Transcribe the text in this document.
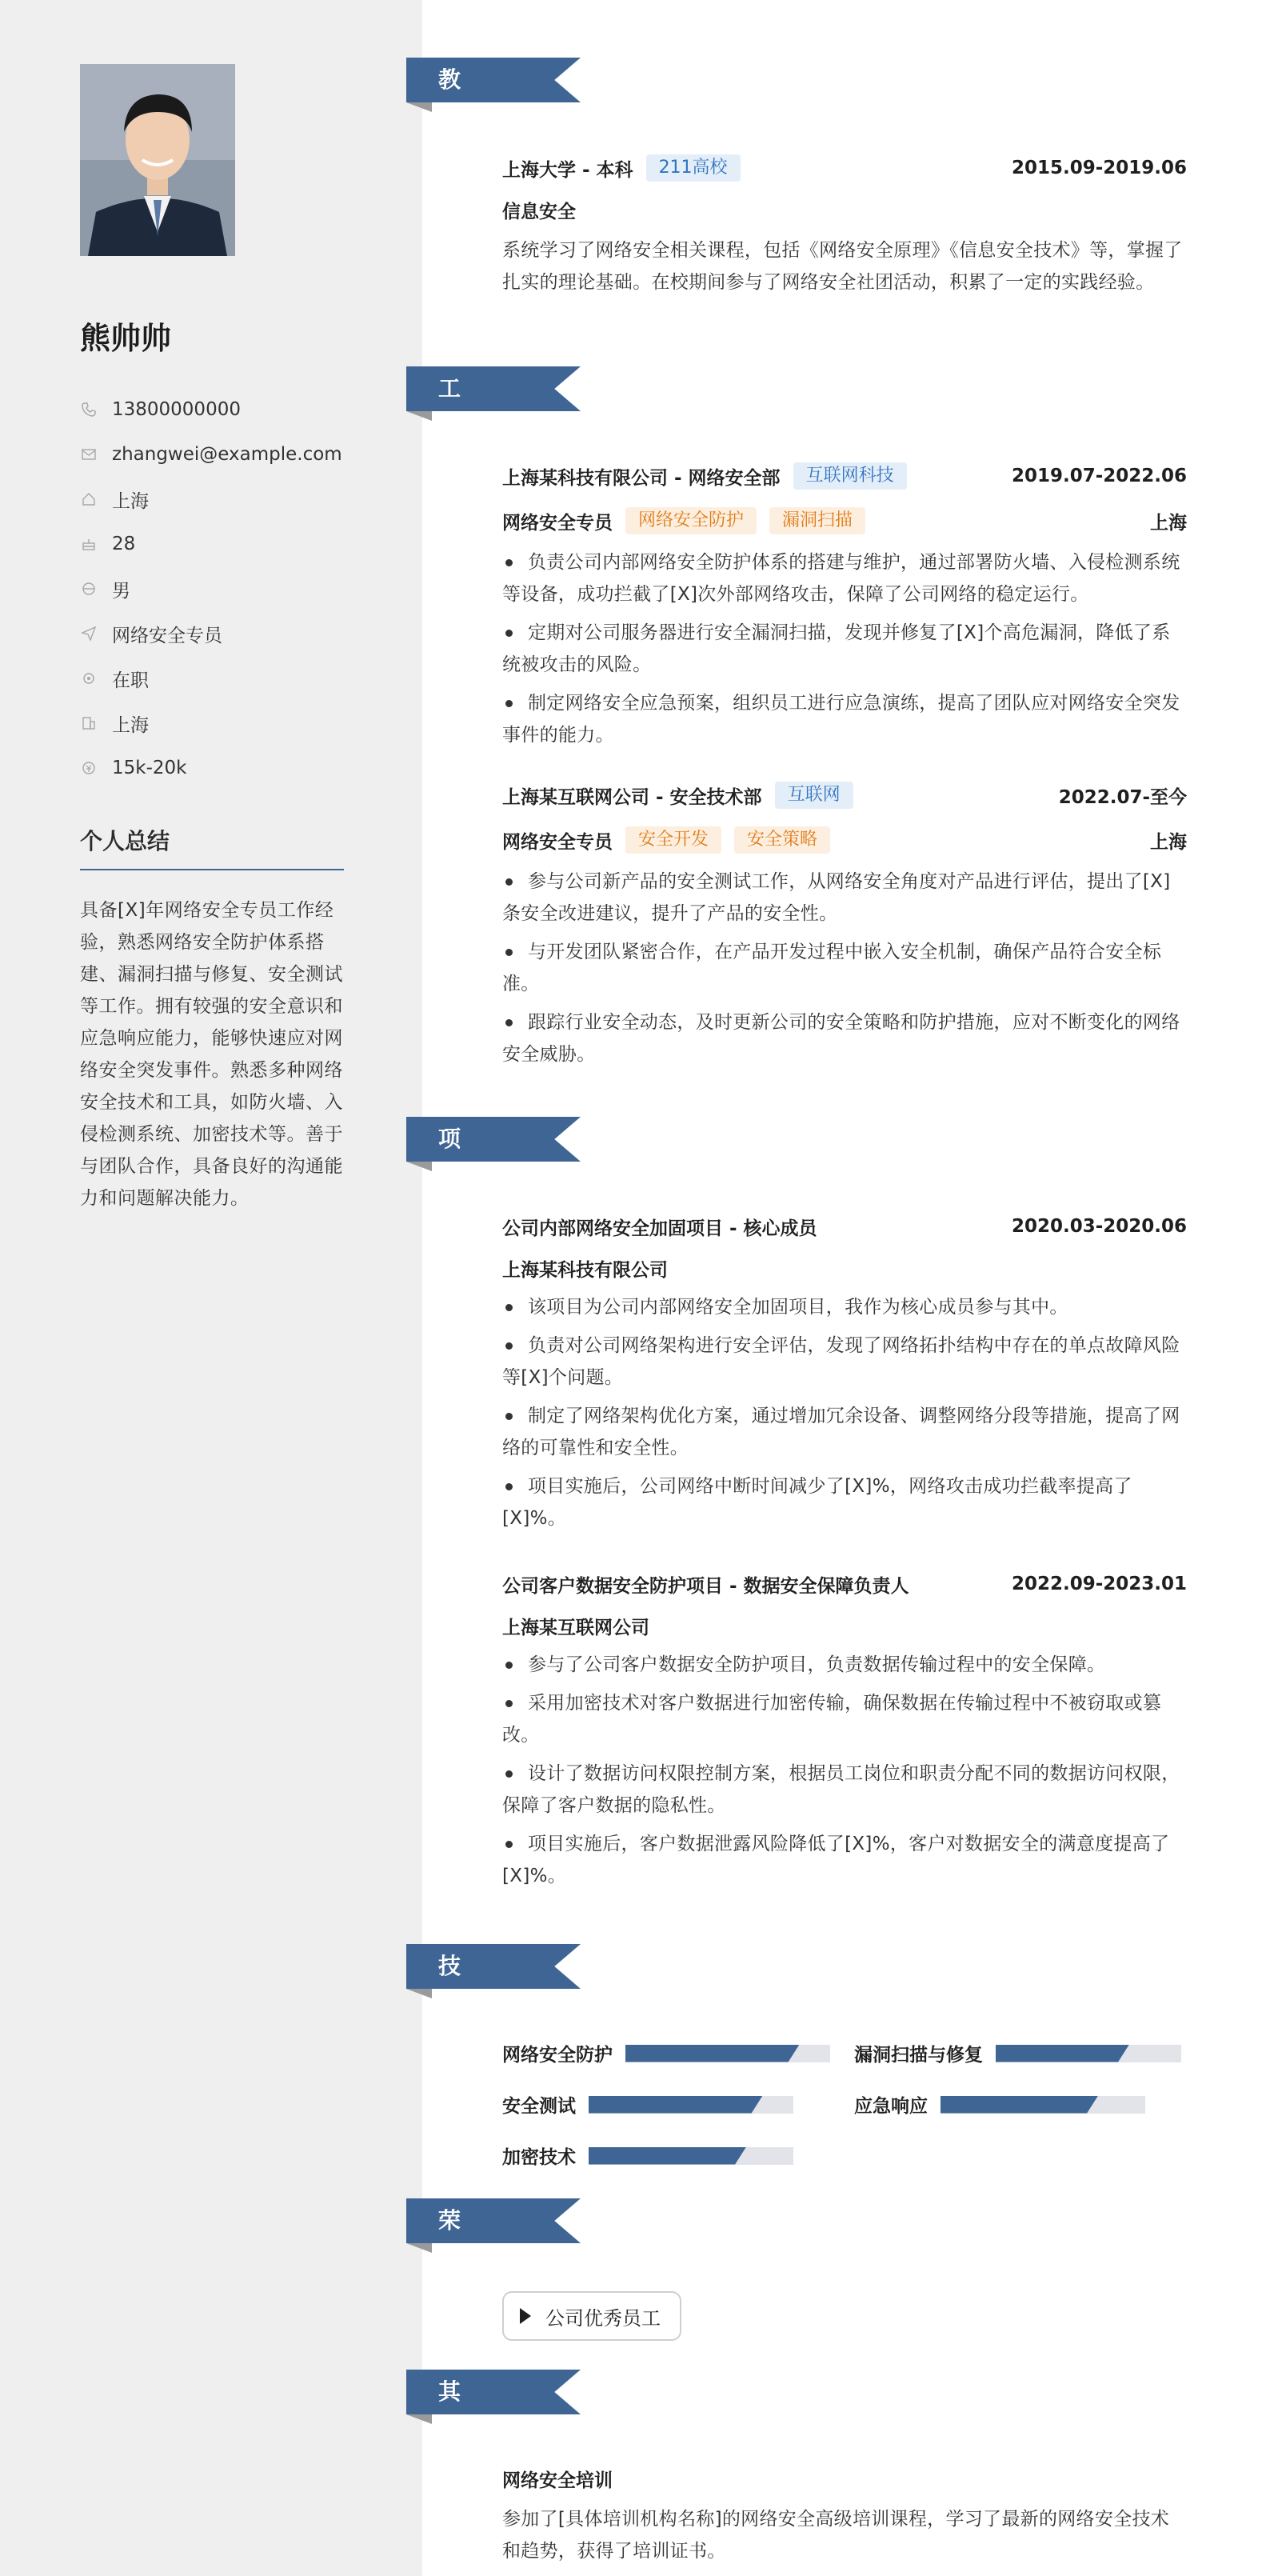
熊帅帅
13800000000
zhangwei@example.com
上海
28
男
网络安全专员
在职
上海
15k-20k
个人总结
具备[X]年网络安全专员工作经验，熟悉网络安全防护体系搭建、漏洞扫描与修复、安全测试等工作。拥有较强的安全意识和应急响应能力，能够快速应对网络安全突发事件。熟悉多种网络安全技术和工具，如防火墙、入侵检测系统、加密技术等。善于与团队合作，具备良好的沟通能力和问题解决能力。
教育经历
上海大学 - 本科	211高校	2015.09-2019.06
信息安全
系统学习了网络安全相关课程，包括《网络安全原理》《信息安全技术》等，掌握了扎实的理论基础。在校期间参与了网络安全社团活动，积累了一定的实践经验。
工作经历
上海某科技有限公司 - 网络安全部	互联网科技	2019.07-2022.06
网络安全专员	网络安全防护	漏洞扫描	上海
负责公司内部网络安全防护体系的搭建与维护，通过部署防火墙、入侵检测系统等设备，成功拦截了[X]次外部网络攻击，保障了公司网络的稳定运行。
定期对公司服务器进行安全漏洞扫描，发现并修复了[X]个高危漏洞，降低了系统被攻击的风险。
制定网络安全应急预案，组织员工进行应急演练，提高了团队应对网络安全突发事件的能力。
上海某互联网公司 - 安全技术部	互联网	2022.07-至今
网络安全专员	安全开发	安全策略	上海
参与公司新产品的安全测试工作，从网络安全角度对产品进行评估，提出了[X]条安全改进建议，提升了产品的安全性。
与开发团队紧密合作，在产品开发过程中嵌入安全机制，确保产品符合安全标准。
跟踪行业安全动态，及时更新公司的安全策略和防护措施，应对不断变化的网络安全威胁。
项目经历
公司内部网络安全加固项目 - 核心成员	2020.03-2020.06
上海某科技有限公司
该项目为公司内部网络安全加固项目，我作为核心成员参与其中。
负责对公司网络架构进行安全评估，发现了网络拓扑结构中存在的单点故障风险等[X]个问题。
制定了网络架构优化方案，通过增加冗余设备、调整网络分段等措施，提高了网络的可靠性和安全性。
项目实施后，公司网络中断时间减少了[X]%，网络攻击成功拦截率提高了[X]%。
公司客户数据安全防护项目 - 数据安全保障负责人	2022.09-2023.01
上海某互联网公司
参与了公司客户数据安全防护项目，负责数据传输过程中的安全保障。
采用加密技术对客户数据进行加密传输，确保数据在传输过程中不被窃取或篡改。
设计了数据访问权限控制方案，根据员工岗位和职责分配不同的数据访问权限，保障了客户数据的隐私性。
项目实施后，客户数据泄露风险降低了[X]%，客户对数据安全的满意度提高了[X]%。
技能专长
网络安全防护	漏洞扫描与修复
安全测试	应急响应
加密技术
荣誉奖项
公司优秀员工
其他信息
网络安全培训
参加了[具体培训机构名称]的网络安全高级培训课程，学习了最新的网络安全技术和趋势，获得了培训证书。
